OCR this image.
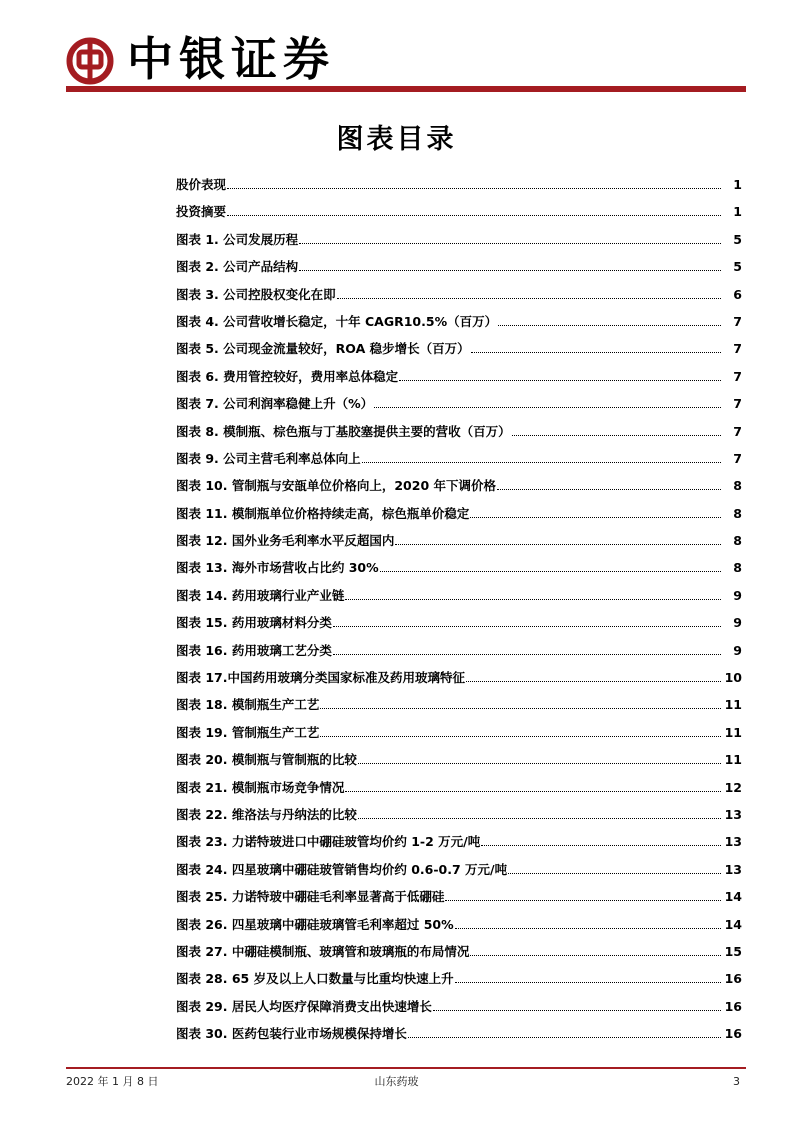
中银证券
图表目录
股价表现	1
投资摘要	1
图表 1. 公司发展历程	5
图表 2. 公司产品结构	5
图表 3. 公司控股权变化在即	6
图表 4. 公司营收增长稳定，十年 CAGR10.5%（百万）	7
图表 5. 公司现金流量较好，ROA 稳步增长（百万）	7
图表 6. 费用管控较好，费用率总体稳定	7
图表 7. 公司利润率稳健上升（%）	7
图表 8. 模制瓶、棕色瓶与丁基胶塞提供主要的营收（百万）	7
图表 9. 公司主营毛利率总体向上	7
图表 10. 管制瓶与安瓿单位价格向上，2020 年下调价格	8
图表 11. 模制瓶单位价格持续走高，棕色瓶单价稳定	8
图表 12. 国外业务毛利率水平反超国内	8
图表 13. 海外市场营收占比约 30%	8
图表 14. 药用玻璃行业产业链	9
图表 15. 药用玻璃材料分类	9
图表 16. 药用玻璃工艺分类	9
图表 17.中国药用玻璃分类国家标准及药用玻璃特征	10
图表 18. 模制瓶生产工艺	11
图表 19. 管制瓶生产工艺	11
图表 20. 模制瓶与管制瓶的比较	11
图表 21. 模制瓶市场竞争情况	12
图表 22. 维洛法与丹纳法的比较	13
图表 23. 力诺特玻进口中硼硅玻管均价约 1-2 万元/吨	13
图表 24. 四星玻璃中硼硅玻管销售均价约 0.6-0.7 万元/吨	13
图表 25. 力诺特玻中硼硅毛利率显著高于低硼硅	14
图表 26. 四星玻璃中硼硅玻璃管毛利率超过 50%	14
图表 27. 中硼硅模制瓶、玻璃管和玻璃瓶的布局情况	15
图表 28. 65 岁及以上人口数量与比重均快速上升	16
图表 29. 居民人均医疗保障消费支出快速增长	16
图表 30. 医药包装行业市场规模保持增长	16
2022 年 1 月 8 日	山东药玻	3
